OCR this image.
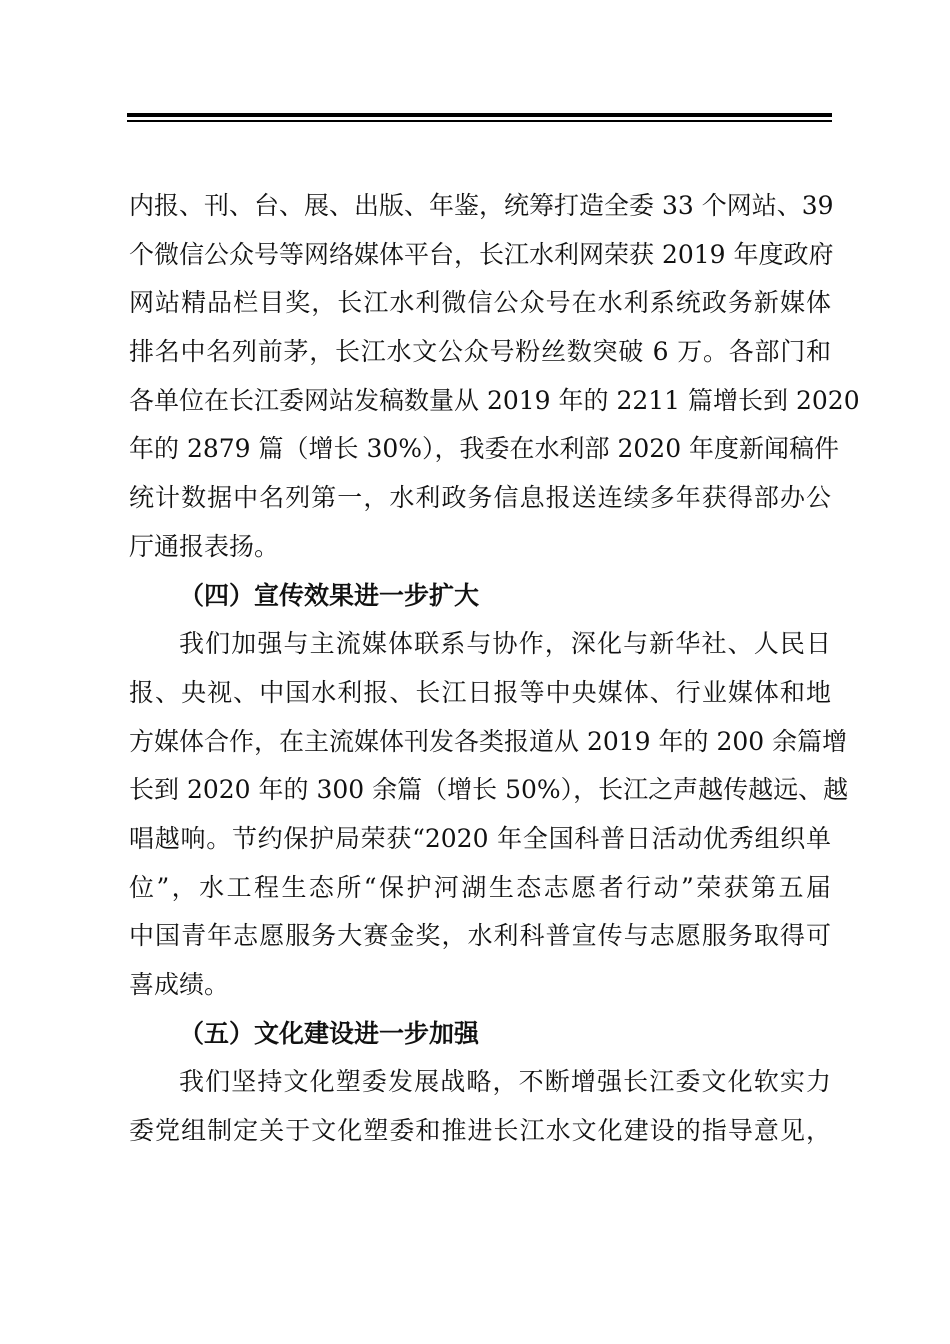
内报、刊、台、展、出版、年鉴，统筹打造全委 33 个网站、39
个微信公众号等网络媒体平台，长江水利网荣获 2019 年度政府
网站精品栏目奖，长江水利微信公众号在水利系统政务新媒体
排名中名列前茅，长江水文公众号粉丝数突破 6 万。各部门和
各单位在长江委网站发稿数量从 2019 年的 2211 篇增长到 2020
年的 2879 篇（增长 30%），我委在水利部 2020 年度新闻稿件
统计数据中名列第一，水利政务信息报送连续多年获得部办公
厅通报表扬。
（四）宣传效果进一步扩大
我们加强与主流媒体联系与协作，深化与新华社、人民日
报、央视、中国水利报、长江日报等中央媒体、行业媒体和地
方媒体合作，在主流媒体刊发各类报道从 2019 年的 200 余篇增
长到 2020 年的 300 余篇（增长 50%），长江之声越传越远、越
唱越响。节约保护局荣获“2020 年全国科普日活动优秀组织单
位”，水工程生态所“保护河湖生态志愿者行动”荣获第五届
中国青年志愿服务大赛金奖，水利科普宣传与志愿服务取得可
喜成绩。
（五）文化建设进一步加强
我们坚持文化塑委发展战略，不断增强长江委文化软实力
委党组制定关于文化塑委和推进长江水文化建设的指导意见，
